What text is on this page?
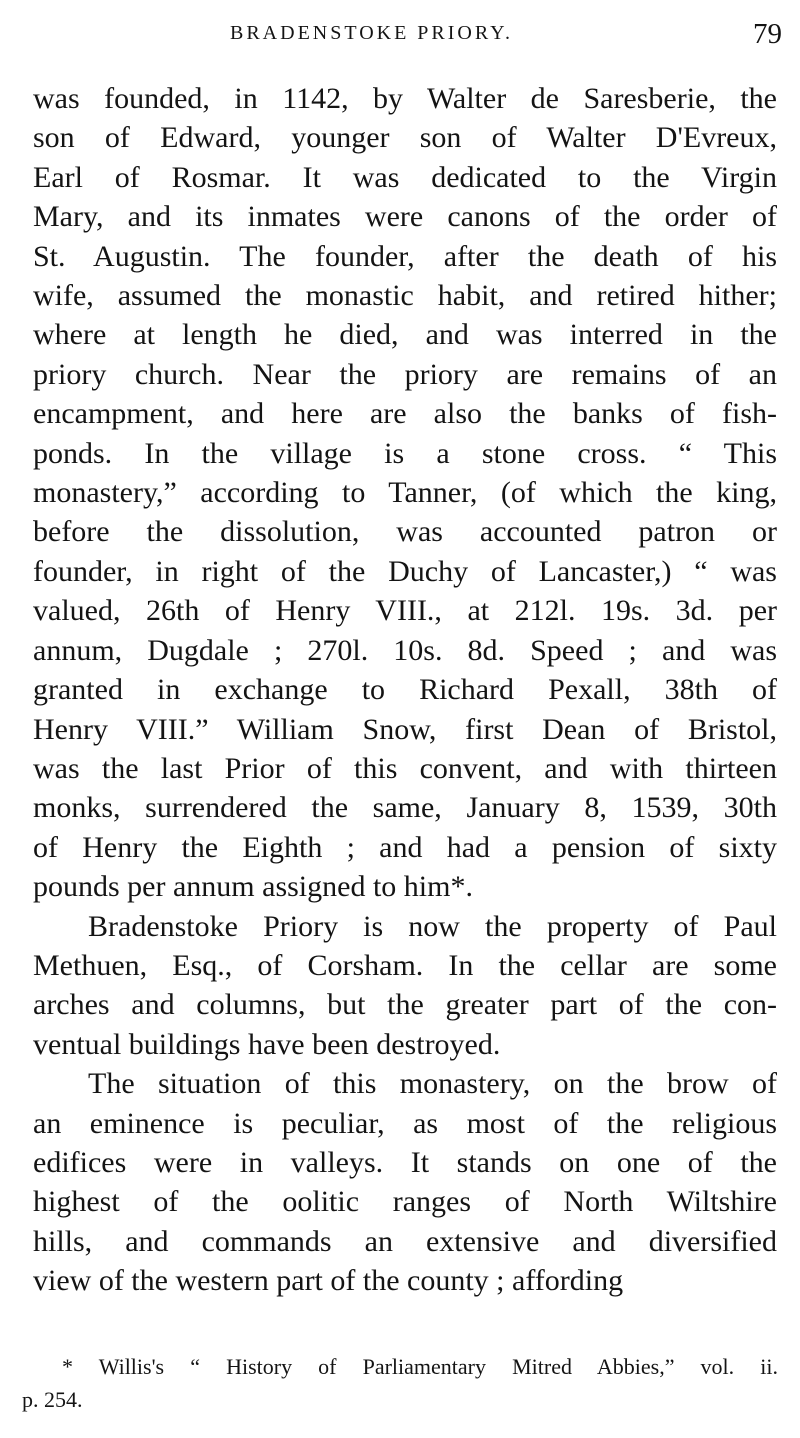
BRADENSTOKE PRIORY.	79
was founded, in 1142, by Walter de Saresberie, the
son of Edward, younger son of Walter D'Evreux,
Earl of Rosmar. It was dedicated to the Virgin
Mary, and its inmates were canons of the order of
St. Augustin. The founder, after the death of his
wife, assumed the monastic habit, and retired hither;
where at length he died, and was interred in the
priory church. Near the priory are remains of an
encampment, and here are also the banks of fish-
ponds. In the village is a stone cross. “ This
monastery,” according to Tanner, (of which the king,
before the dissolution, was accounted patron or
founder, in right of the Duchy of Lancaster,) “ was
valued, 26th of Henry VIII., at 212l. 19s. 3d. per
annum, Dugdale ; 270l. 10s. 8d. Speed ; and was
granted in exchange to Richard Pexall, 38th of
Henry VIII.” William Snow, first Dean of Bristol,
was the last Prior of this convent, and with thirteen
monks, surrendered the same, January 8, 1539, 30th
of Henry the Eighth ; and had a pension of sixty
pounds per annum assigned to him*.
Bradenstoke Priory is now the property of Paul
Methuen, Esq., of Corsham. In the cellar are some
arches and columns, but the greater part of the con-
ventual buildings have been destroyed.
The situation of this monastery, on the brow of
an eminence is peculiar, as most of the religious
edifices were in valleys. It stands on one of the
highest of the oolitic ranges of North Wiltshire
hills, and commands an extensive and diversified
view of the western part of the county ; affording
* Willis's “ History of Parliamentary Mitred Abbies,” vol. ii.
p. 254.
